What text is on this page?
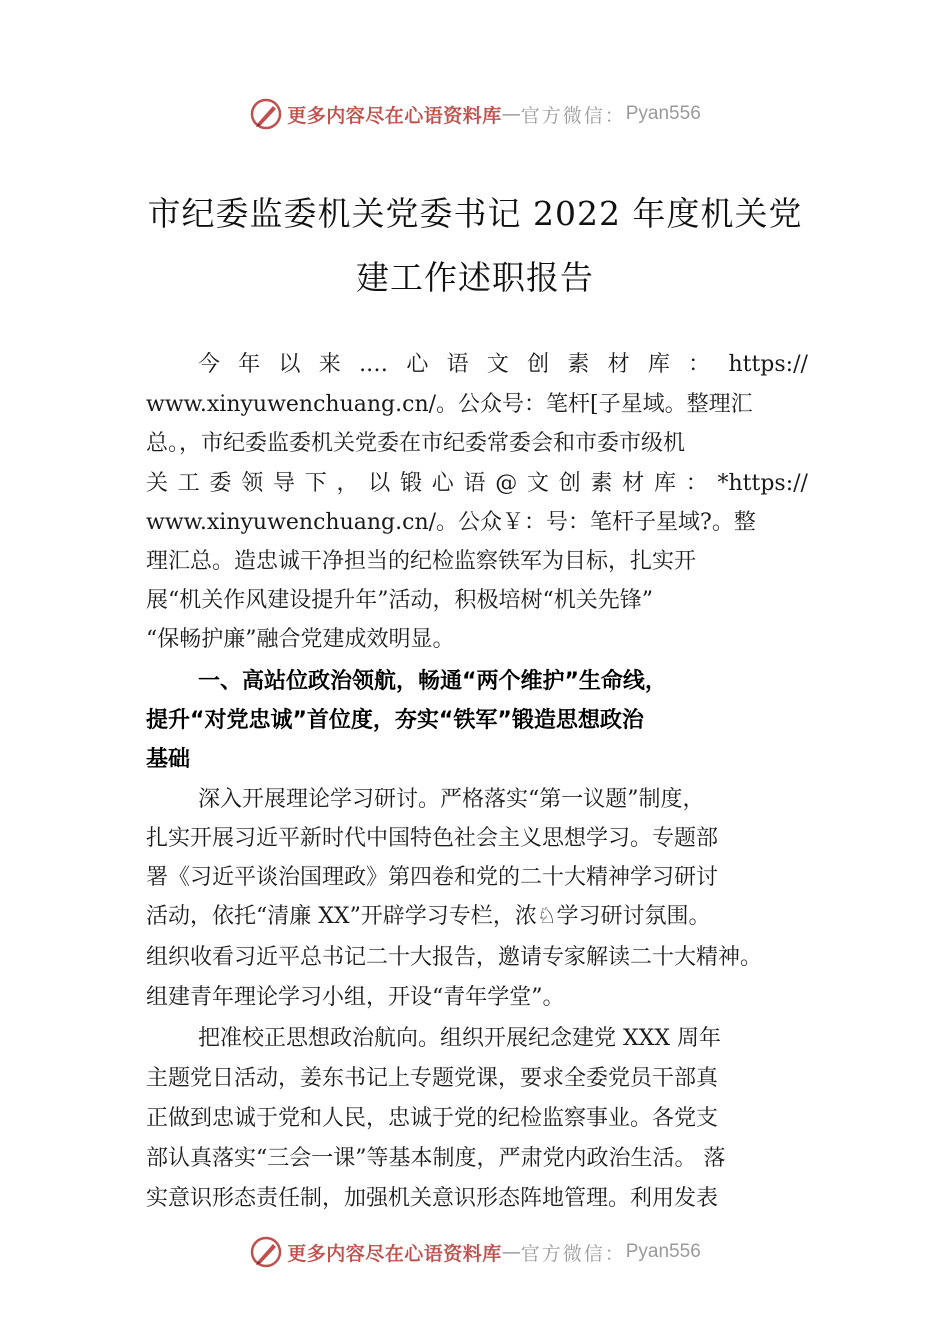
更多内容尽在心语资料库 — 官方微信： Pyan556
市纪委监委机关党委书记 2022 年度机关党
建工作述职报告
今 年 以 来 .… 心 语 文 创 素 材 库 ： https://
www.xinyuwenchuang.cn/。公众号：笔杆[子星域。整理汇
总。，市纪委监委机关党委在市纪委常委会和市委市级机
关 工 委 领 导 下 ， 以 锻 心 语 @ 文 创 素 材 库 ： *https://
www.xinyuwenchuang.cn/。公众￥：号：笔杆子星域?。整
理汇总。造忠诚干净担当的纪检监察铁军为目标，扎实开
展“机关作风建设提升年”活动，积极培树“机关先锋”
“保畅护廉”融合党建成效明显。
一、高站位政治领航，畅通“两个维护”生命线，
提升“对党忠诚”首位度，夯实“铁军”锻造思想政治
基础
深入开展理论学习研讨。严格落实“第一议题”制度，
扎实开展习近平新时代中国特色社会主义思想学习。专题部
署《习近平谈治国理政》第四卷和党的二十大精神学习研讨
活动，依托“清廉 XX”开辟学习专栏，浓♘学习研讨氛围。
组织收看习近平总书记二十大报告，邀请专家解读二十大精神。
组建青年理论学习小组，开设“青年学堂”。
把准校正思想政治航向。组织开展纪念建党 XXX 周年
主题党日活动，姜东书记上专题党课，要求全委党员干部真
正做到忠诚于党和人民，忠诚于党的纪检监察事业。各党支
部认真落实“三会一课”等基本制度，严肃党内政治生活。 落
实意识形态责任制，加强机关意识形态阵地管理。利用发表
更多内容尽在心语资料库 — 官方微信： Pyan556
